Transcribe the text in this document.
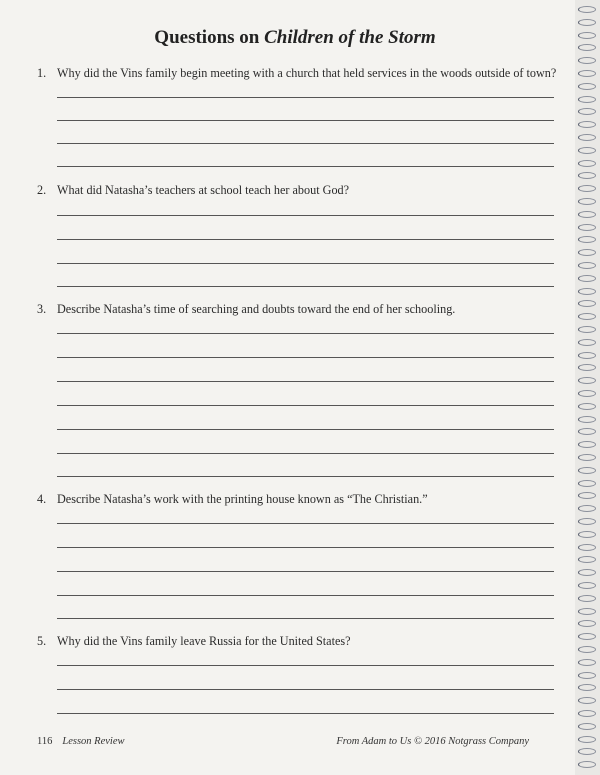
Questions on Children of the Storm
1. Why did the Vins family begin meeting with a church that held services in the woods outside of town?
2. What did Natasha’s teachers at school teach her about God?
3. Describe Natasha’s time of searching and doubts toward the end of her schooling.
4. Describe Natasha’s work with the printing house known as “The Christian.”
5. Why did the Vins family leave Russia for the United States?
116 Lesson Review	From Adam to Us © 2016 Notgrass Company
